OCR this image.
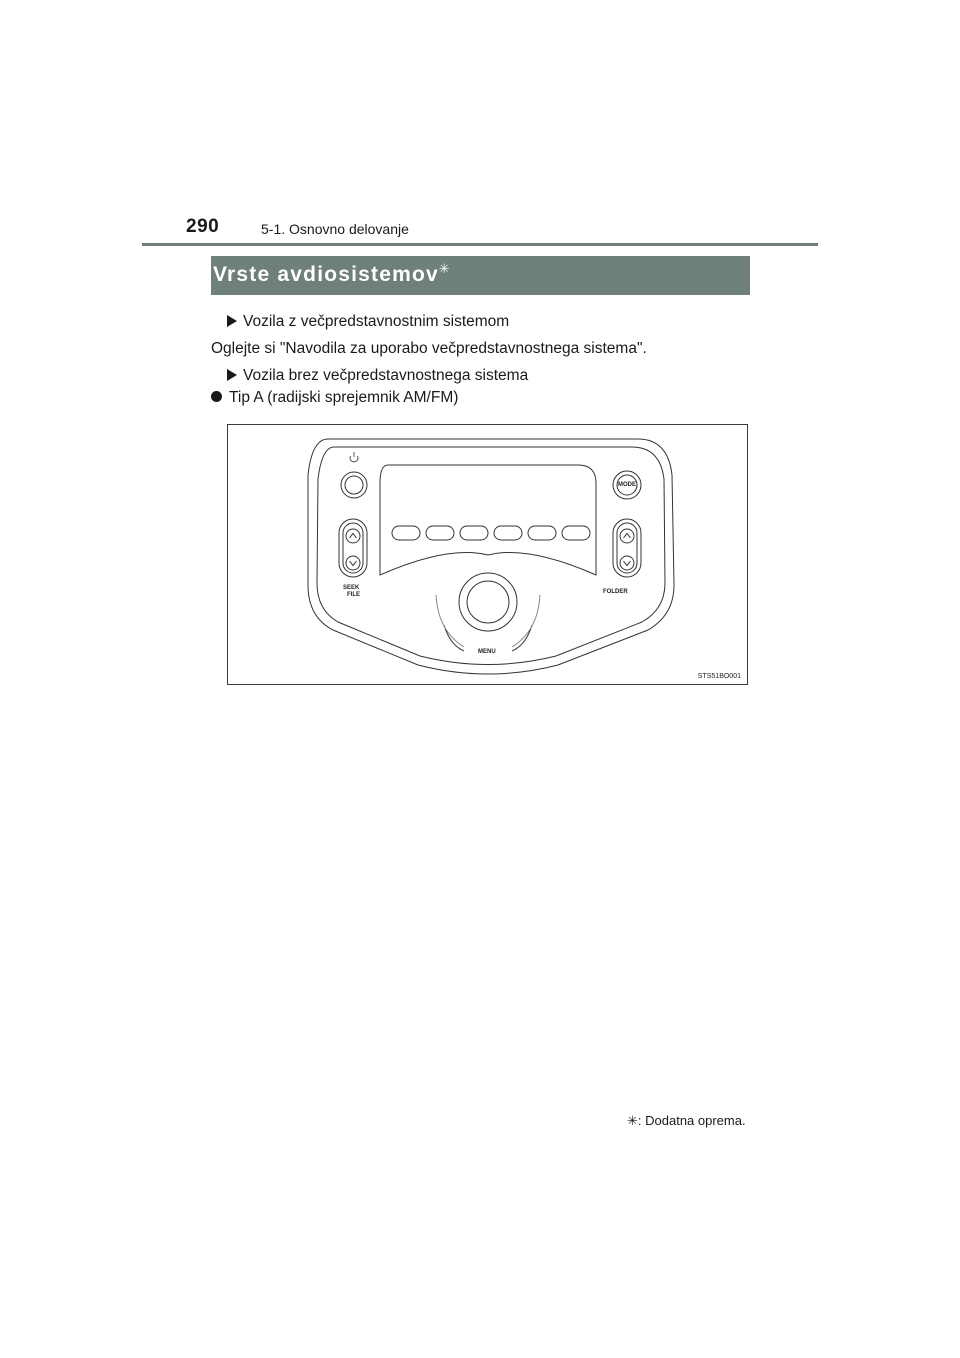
290	5-1. Osnovno delovanje
Vrste avdiosistemov✳
Vozila z večpredstavnostnim sistemom
Oglejte si "Navodila za uporabo večpredstavnostnega sistema".
Vozila brez večpredstavnostnega sistema
Tip A (radijski sprejemnik AM/FM)
MODE
SEEK
FILE	FOLDER
MENU
STS51BO001
✳: Dodatna oprema.
